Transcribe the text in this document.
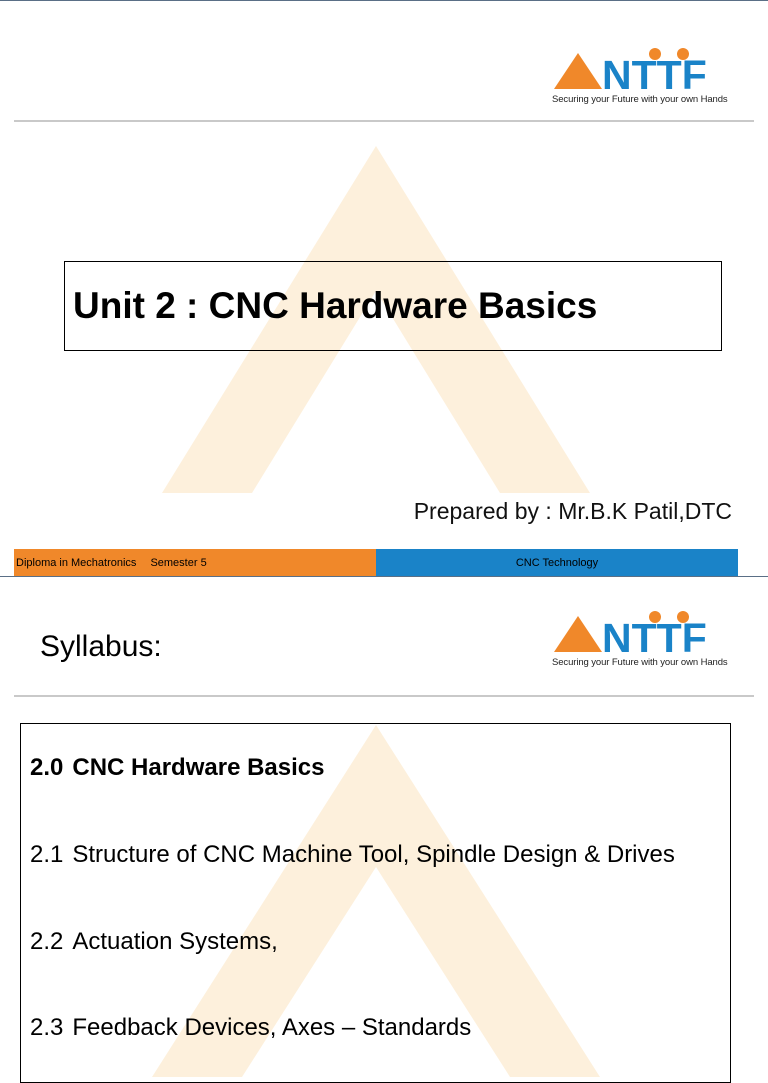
NTTF
Securing your Future with your own Hands
Unit 2 : CNC Hardware Basics
Prepared by : Mr.B.K Patil,DTC
Diploma in Mechatronics Semester 5	CNC Technology
Syllabus:	NTTF
Securing your Future with your own Hands
2.0 CNC Hardware Basics
2.1 Structure of CNC Machine Tool, Spindle Design & Drives
2.2 Actuation Systems,
2.3 Feedback Devices, Axes – Standards
